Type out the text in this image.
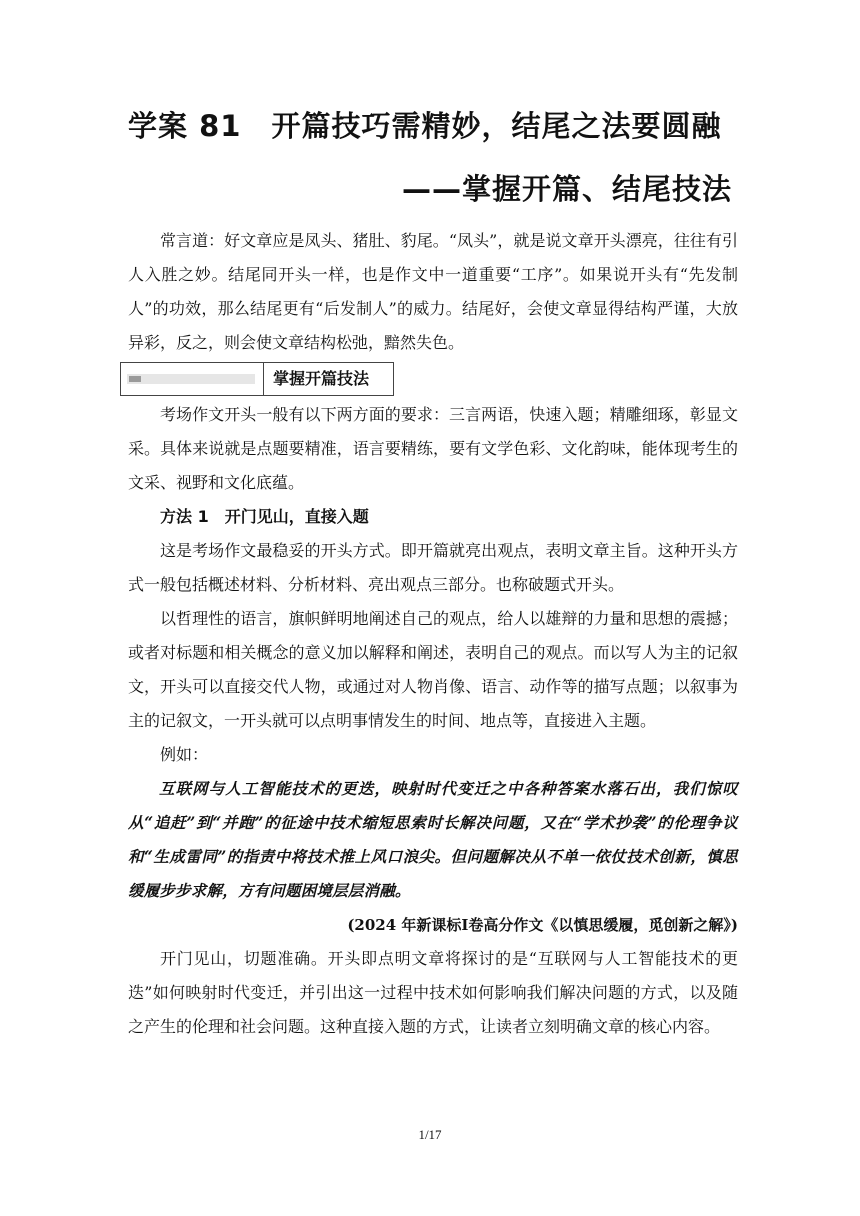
学案 81　开篇技巧需精妙，结尾之法要圆融
——掌握开篇、结尾技法

常言道：好文章应是凤头、猪肚、豹尾。“凤头”，就是说文章开头漂亮，往往有引人入胜之妙。结尾同开头一样，也是作文中一道重要“工序”。如果说开头有“先发制人”的功效，那么结尾更有“后发制人”的威力。结尾好，会使文章显得结构严谨，大放异彩，反之，则会使文章结构松弛，黯然失色。

掌握开篇技法

考场作文开头一般有以下两方面的要求：三言两语，快速入题；精雕细琢，彰显文采。具体来说就是点题要精准，语言要精练，要有文学色彩、文化韵味，能体现考生的文采、视野和文化底蕴。

方法 1　开门见山，直接入题

这是考场作文最稳妥的开头方式。即开篇就亮出观点，表明文章主旨。这种开头方式一般包括概述材料、分析材料、亮出观点三部分。也称破题式开头。

以哲理性的语言，旗帜鲜明地阐述自己的观点，给人以雄辩的力量和思想的震撼；或者对标题和相关概念的意义加以解释和阐述，表明自己的观点。而以写人为主的记叙文，开头可以直接交代人物，或通过对人物肖像、语言、动作等的描写点题；以叙事为主的记叙文，一开头就可以点明事情发生的时间、地点等，直接进入主题。

例如：

互联网与人工智能技术的更迭，映射时代变迁之中各种答案水落石出，我们惊叹从“追赶”到“并跑”的征途中技术缩短思索时长解决问题，又在“学术抄袭”的伦理争议和“生成雷同”的指责中将技术推上风口浪尖。但问题解决从不单一依仗技术创新，慎思缓履步步求解，方有问题困境层层消融。

(2024 年新课标Ⅰ卷高分作文《以慎思缓履，觅创新之解》)

开门见山，切题准确。开头即点明文章将探讨的是“互联网与人工智能技术的更迭”如何映射时代变迁，并引出这一过程中技术如何影响我们解决问题的方式，以及随之产生的伦理和社会问题。这种直接入题的方式，让读者立刻明确文章的核心内容。

1/17
